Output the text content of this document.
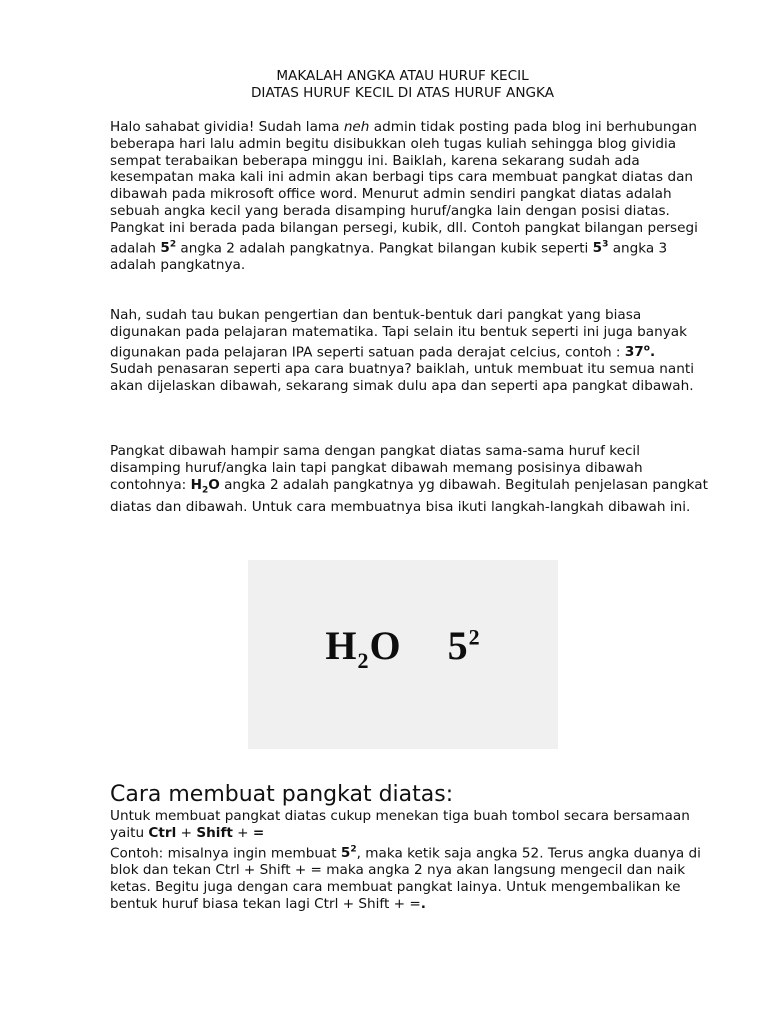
MAKALAH ANGKA ATAU HURUF KECIL
DIATAS HURUF KECIL DI ATAS HURUF ANGKA

Halo sahabat gividia! Sudah lama neh admin tidak posting pada blog ini berhubungan beberapa hari lalu admin begitu disibukkan oleh tugas kuliah sehingga blog gividia sempat terabaikan beberapa minggu ini. Baiklah, karena sekarang sudah ada kesempatan maka kali ini admin akan berbagi tips cara membuat pangkat diatas dan dibawah pada mikrosoft office word. Menurut admin sendiri pangkat diatas adalah sebuah angka kecil yang berada disamping huruf/angka lain dengan posisi diatas. Pangkat ini berada pada bilangan persegi, kubik, dll. Contoh pangkat bilangan persegi adalah $5^2$ angka 2 adalah pangkatnya. Pangkat bilangan kubik seperti $5^3$ angka 3 adalah pangkatnya.

Nah, sudah tau bukan pengertian dan bentuk-bentuk dari pangkat yang biasa digunakan pada pelajaran matematika. Tapi selain itu bentuk seperti ini juga banyak digunakan pada pelajaran IPA seperti satuan pada derajat celcius, contoh : 37$^o$.

Sudah penasaran seperti apa cara buatnya? baiklah, untuk membuat itu semua nanti akan dijelaskan dibawah, sekarang simak dulu apa dan seperti apa pangkat dibawah.

Pangkat dibawah hampir sama dengan pangkat diatas sama-sama huruf kecil disamping huruf/angka lain tapi pangkat dibawah memang posisinya dibawah contohnya: $H_2O$ angka 2 adalah pangkatnya yg dibawah. Begitulah penjelasan pangkat diatas dan dibawah. Untuk cara membuatnya bisa ikuti langkah-langkah dibawah ini.

$H_2O$ $5^2$
Cara membuat pangkat diatas:

Untuk membuat pangkat diatas cukup menekan tiga buah tombol secara bersamaan yaitu Ctrl + Shift + =

Contoh: misalnya ingin membuat $5^2$, maka ketik saja angka 52. Terus angka duanya di blok dan tekan Ctrl + Shift + = maka angka 2 nya akan langsung mengecil dan naik ketas. Begitu juga dengan cara membuat pangkat lainya. Untuk mengembalikan ke bentuk huruf biasa tekan lagi Ctrl + Shift + =.
